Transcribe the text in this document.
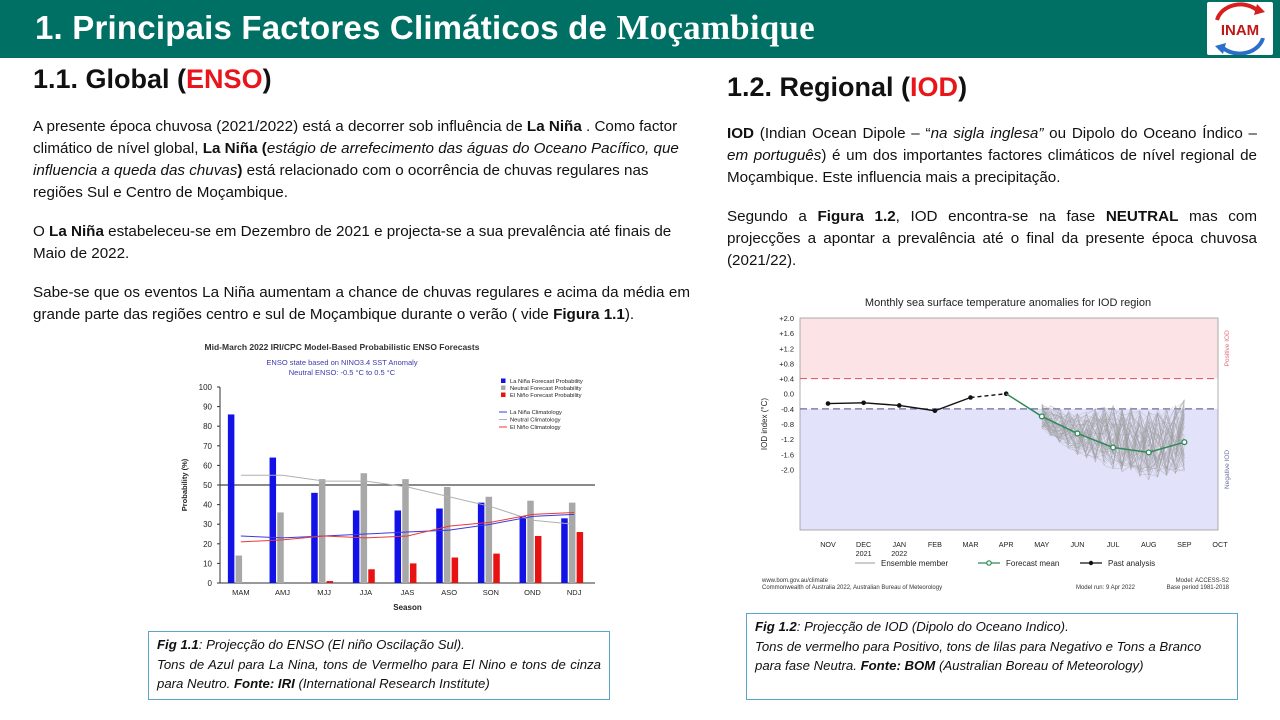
1. Principais Factores Climáticos de Moçambique	INAM
1.1. Global (ENSO)

A presente época chuvosa (2021/2022) está a decorrer sob influência de La Niña . Como factor climático de nível global, La Niña (estágio de arrefecimento das águas do Oceano Pacífico, que influencia a queda das chuvas) está relacionado com o ocorrência de chuvas regulares nas regiões Sul e Centro de Moçambique.

O La Niña estabeleceu-se em Dezembro de 2021 e projecta-se a sua prevalência até finais de Maio de 2022.

Sabe-se que os eventos La Niña aumentam a chance de chuvas regulares e acima da média em grande parte das regiões centro e sul de Moçambique durante o verão ( vide Figura 1.1).

Mid-March 2022 IRI/CPC Model-Based Probabilistic ENSO Forecasts
ENSO state based on NINO3.4 SST Anomaly
Neutral ENSO: -0.5 °C to 0.5 °C
0
10
20
30
40
50
60
70
80
90
100
Probability (%)
Season
MAM	AMJ	MJJ	JJA	JAS	ASO	SON	OND	NDJ
La Niña Forecast Probability
Neutral Forecast Probability
El Niño Forecast Probability
La Niña Climatology
Neutral Climatology
El Niño Climatology
Fig 1.1: Projecção do ENSO (El niño Oscilação Sul).
Tons de Azul para La Nina, tons de Vermelho para El Nino e tons de cinza para Neutro. Fonte: IRI (International Research Institute)
1.2. Regional (IOD)

IOD (Indian Ocean Dipole – “na sigla inglesa” ou Dipolo do Oceano Índico – em português) é um dos importantes factores climáticos de nível regional de Moçambique. Este influencia mais a precipitação.

Segundo a Figura 1.2, IOD encontra-se na fase NEUTRAL mas com projecções a apontar a prevalência até o final da presente época chuvosa (2021/22).

Monthly sea surface temperature anomalies for IOD region
+2.0
+1.6
+1.2
+0.8
+0.4
0.0
-0.4
-0.8
-1.2
-1.6
-2.0
IOD index (°C)
Positive IOD
Negative IOD
NOV	DEC
2021
JAN
2022
FEB	MAR	APR	MAY	JUN	JUL	AUG	SEP	OCT
Ensemble member	Forecast mean	Past analysis
www.bom.gov.au/climate
Commonwealth of Australia 2022, Australian Bureau of Meteorology
Model: ACCESS-S2
Model run: 9 Apr 2022	Base period 1981-2018
Fig 1.2: Projecção de IOD (Dipolo do Oceano Indico).
Tons de vermelho para Positivo, tons de lilas para Negativo e Tons a Branco para fase Neutra. Fonte: BOM (Australian Boreau of Meteorology)
